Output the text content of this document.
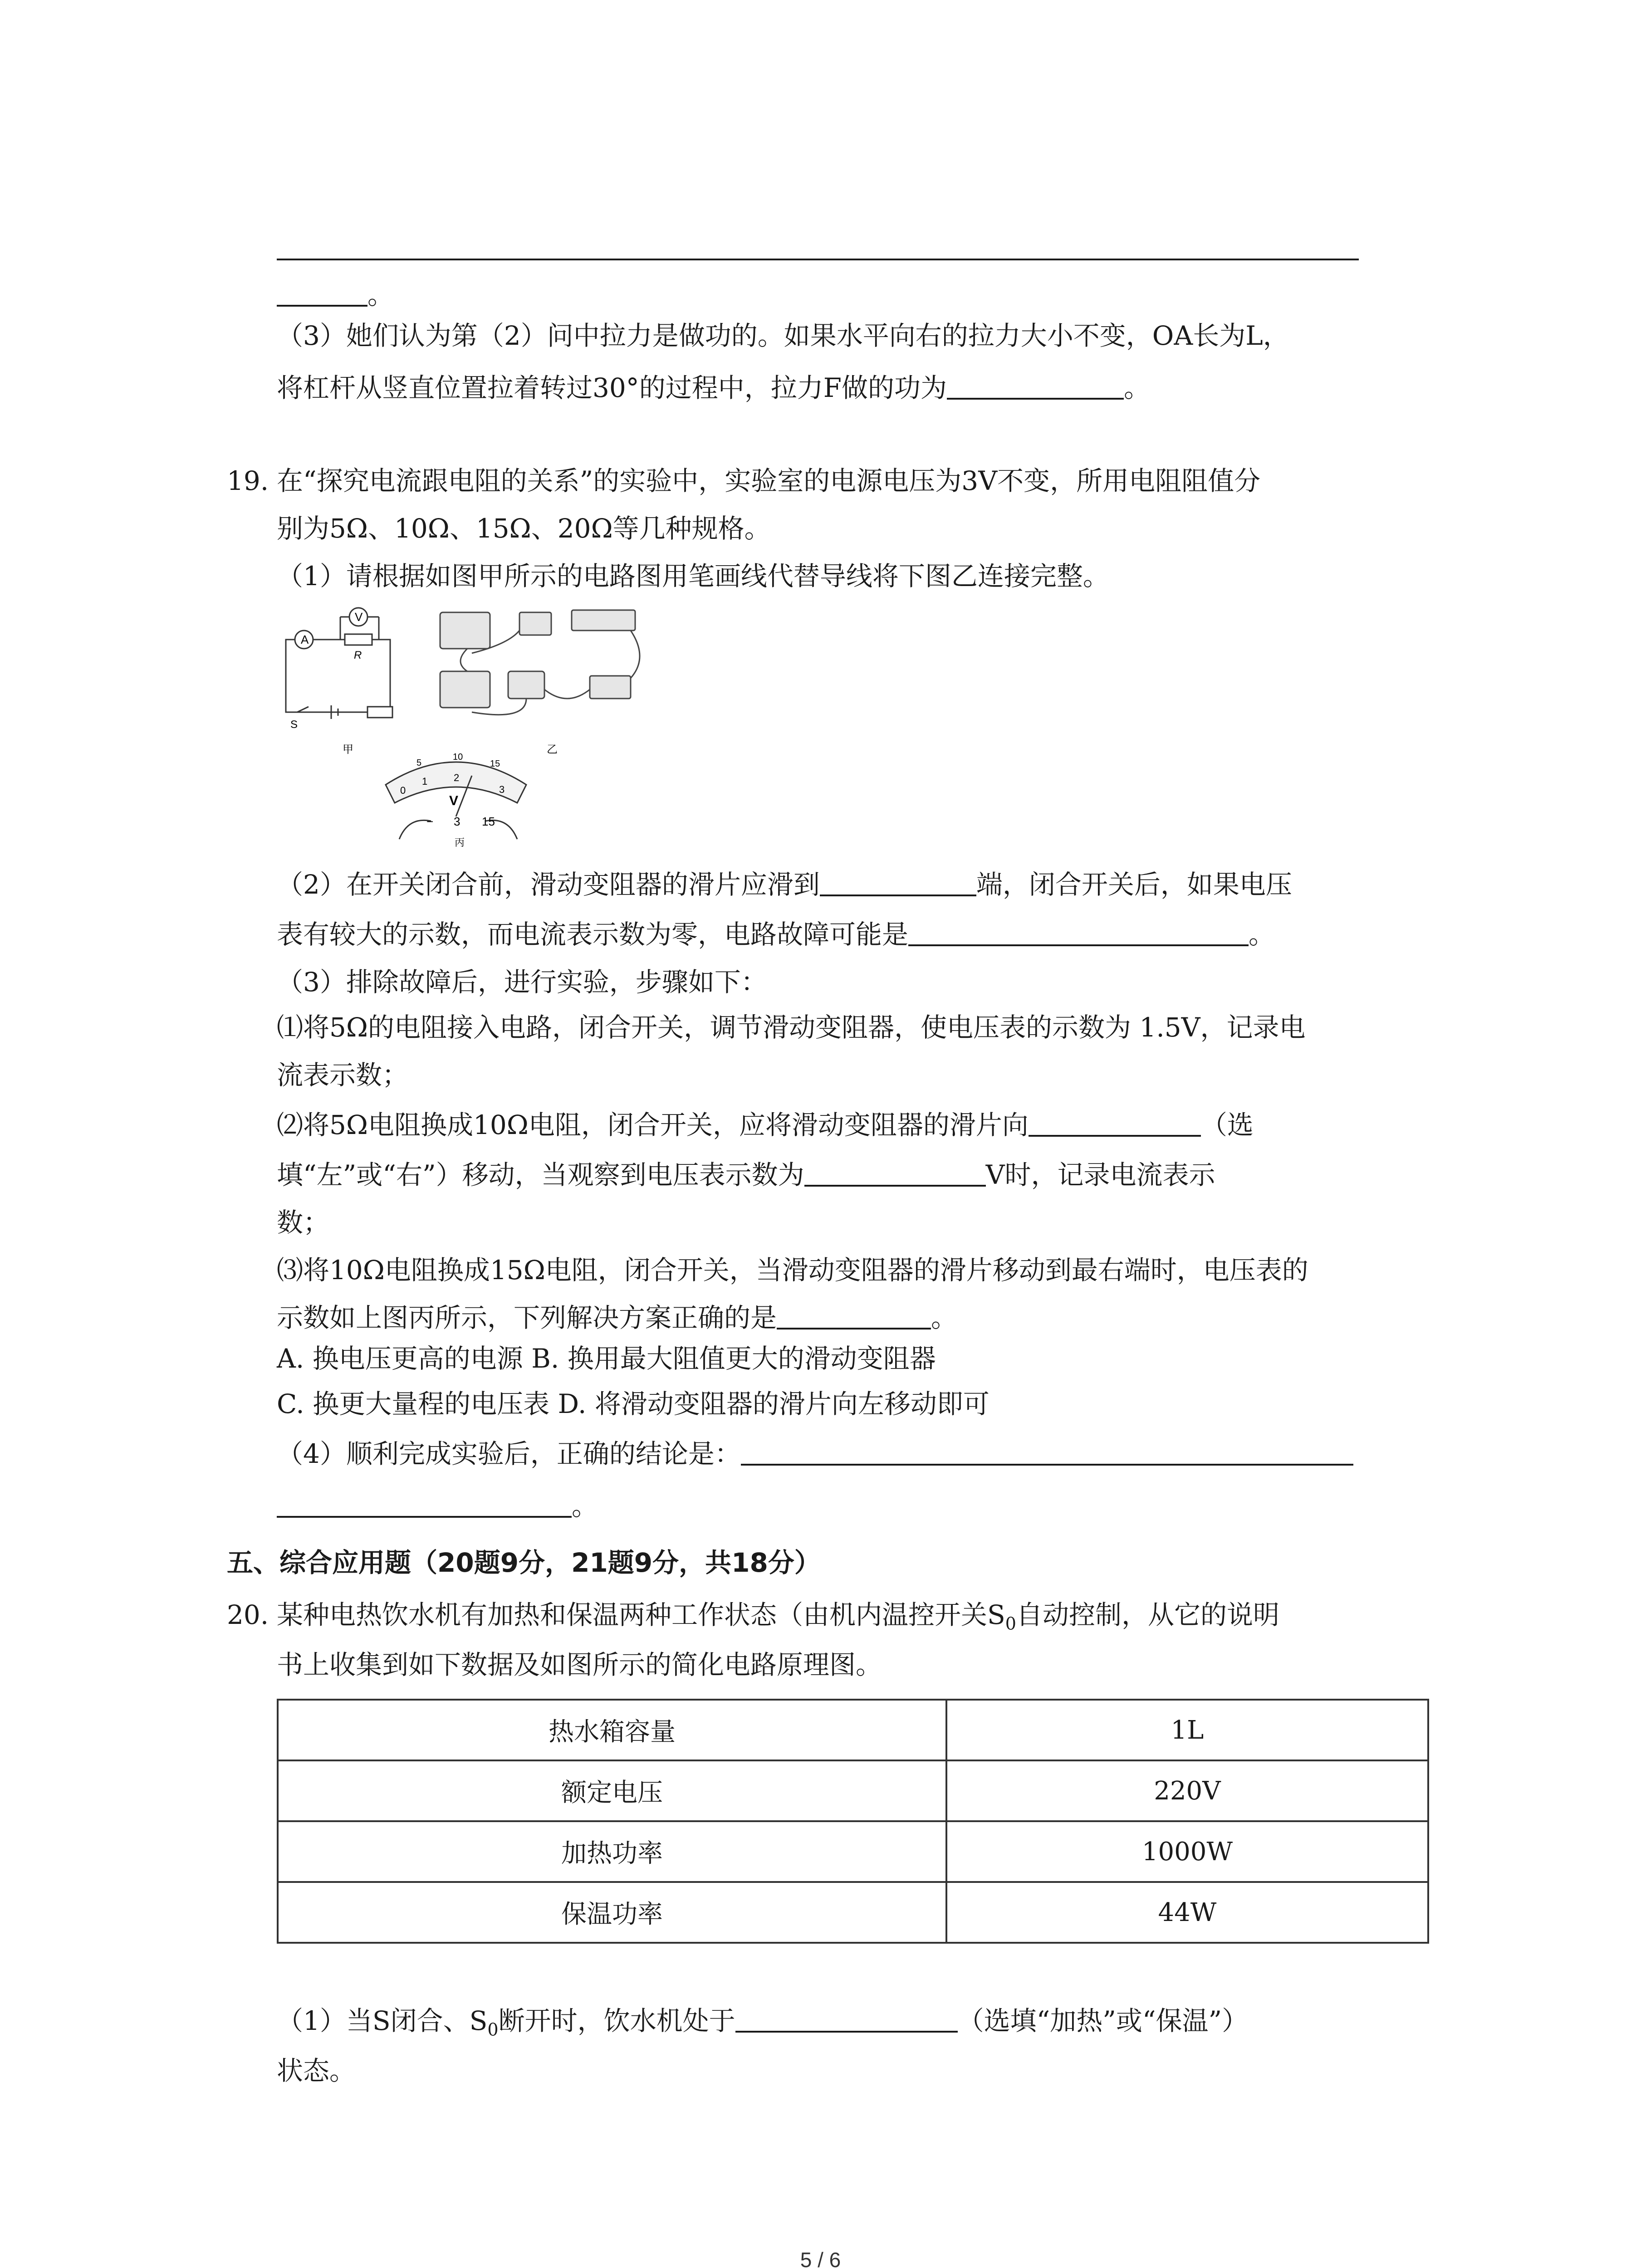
。
（3）她们认为第（2）问中拉力是做功的。如果水平向右的拉力大小不变，OA长为L，
将杠杆从竖直位置拉着转过30°的过程中，拉力F做的功为	。
19. 在“探究电流跟电阻的关系”的实验中，实验室的电源电压为3V不变，所用电阻阻值分
别为5Ω、10Ω、15Ω、20Ω等几种规格。
（1）请根据如图甲所示的电路图用笔画线代替导线将下图乙连接完整。
A
V
R
S
甲	乙
0
1	2
3
5
10
15
V
− 3 15
丙
（2）在开关闭合前，滑动变阻器的滑片应滑到	端，闭合开关后，如果电压
表有较大的示数，而电流表示数为零，电路故障可能是	。
（3）排除故障后，进行实验，步骤如下：
⑴将5Ω的电阻接入电路，闭合开关，调节滑动变阻器，使电压表的示数为 1.5V，记录电
流表示数；
⑵将5Ω电阻换成10Ω电阻，闭合开关，应将滑动变阻器的滑片向	（选
填“左”或“右”）移动，当观察到电压表示数为	V时，记录电流表示
数；
⑶将10Ω电阻换成15Ω电阻，闭合开关，当滑动变阻器的滑片移动到最右端时，电压表的
示数如上图丙所示，下列解决方案正确的是	。
A. 换电压更高的电源 B. 换用最大阻值更大的滑动变阻器
C. 换更大量程的电压表 D. 将滑动变阻器的滑片向左移动即可
（4）顺利完成实验后，正确的结论是：
。
五、综合应用题（20题9分，21题9分，共18分）
20. 某种电热饮水机有加热和保温两种工作状态（由机内温控开关$S_0$自动控制，从它的说明
书上收集到如下数据及如图所示的简化电路原理图。
热水箱容量	1L
额定电压	220V
加热功率	1000W
保温功率	44W
（1）当S闭合、$S_0$断开时，饮水机处于	（选填“加热”或“保温”）
状态。
5 / 6
